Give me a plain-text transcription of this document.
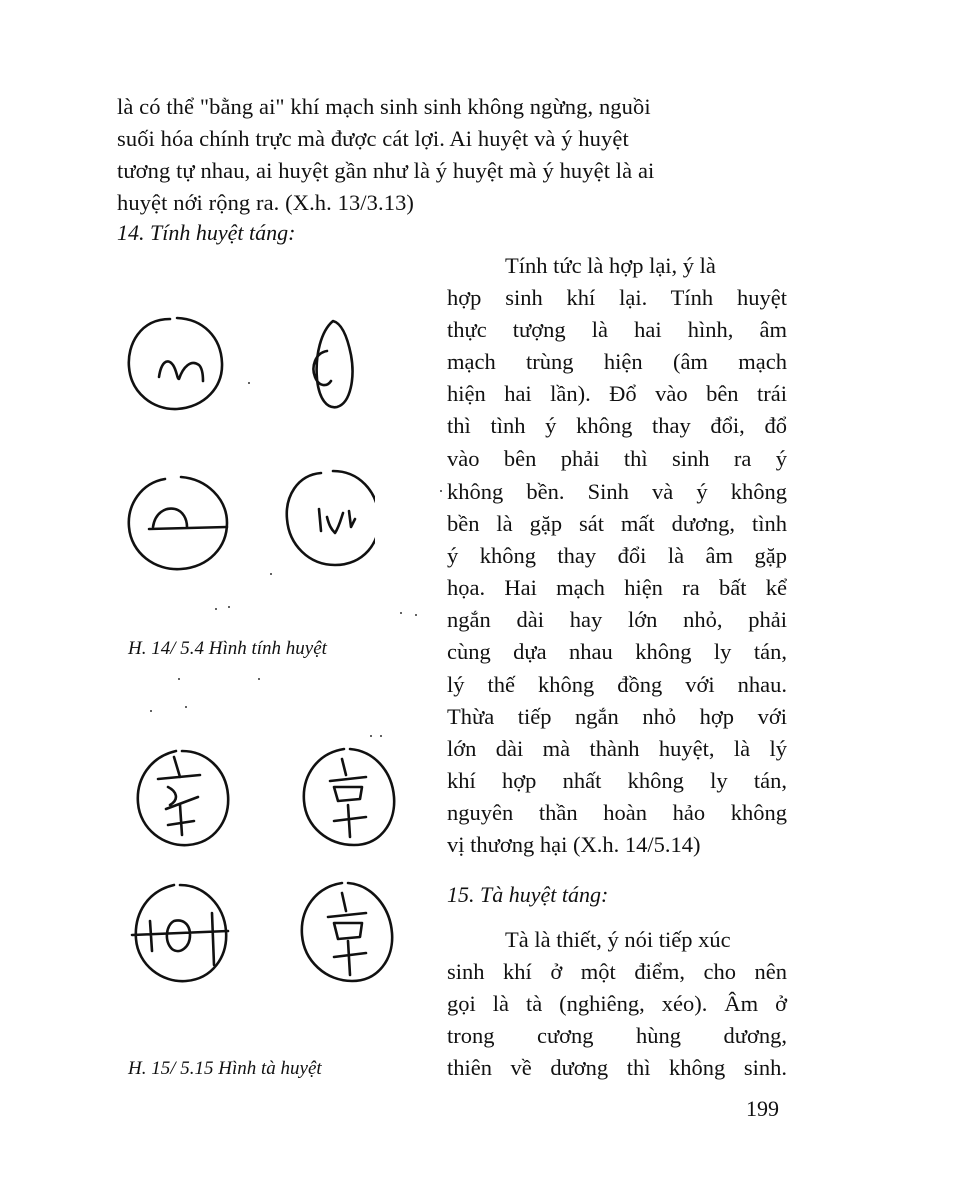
là có thể "bằng ai" khí mạch sinh sinh không ngừng, nguồi
suối hóa chính trực mà được cát lợi. Ai huyệt và ý huyệt
tương tự nhau, ai huyệt gần như là ý huyệt mà ý huyệt là ai
huyệt nới rộng ra. (X.h. 13/3.13)
14. Tính huyệt táng:
Tính tức là hợp lại, ý là
hợp sinh khí lại. Tính huyệt
thực tượng là hai hình, âm
mạch trùng hiện (âm mạch
hiện hai lần). Đổ vào bên trái
thì tình ý không thay đổi, đổ
vào bên phải thì sinh ra ý
không bền. Sinh và ý không
bền là gặp sát mất dương, tình
ý không thay đổi là âm gặp
họa. Hai mạch hiện ra bất kể
ngắn dài hay lớn nhỏ, phải
cùng dựa nhau không ly tán,
lý thế không đồng với nhau.
Thừa tiếp ngắn nhỏ hợp với
lớn dài mà thành huyệt, là lý
khí hợp nhất không ly tán,
nguyên thần hoàn hảo không
vị thương hại (X.h. 14/5.14)
H. 14/ 5.4 Hình tính huyệt
15. Tà huyệt táng:
Tà là thiết, ý nói tiếp xúc
sinh khí ở một điểm, cho nên
gọi là tà (nghiêng, xéo). Âm ở
trong cương hùng dương,
thiên về dương thì không sinh.
H. 15/ 5.15 Hình tà huyệt
199
